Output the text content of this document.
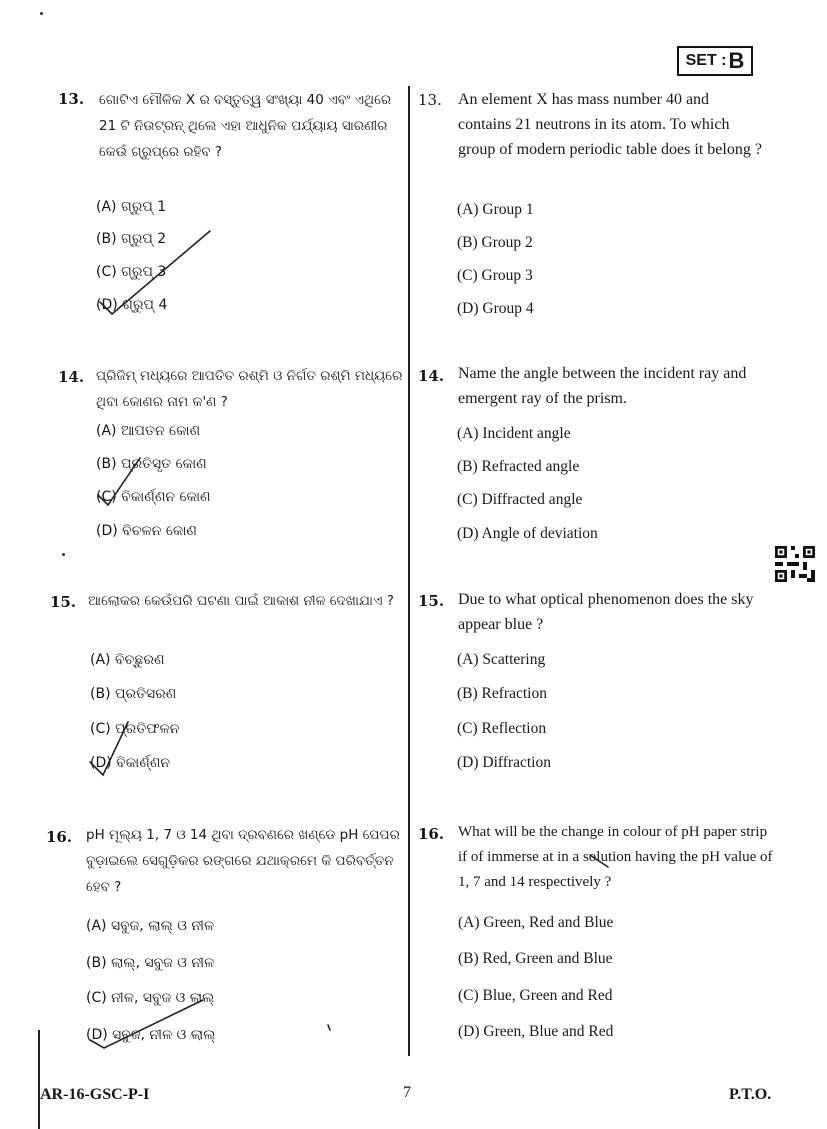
SET : B
13. ଗୋଟିଏ ମୌଳିକ X ର ବସ୍ତୁତ୍ୱ ସଂଖ୍ୟା 40 ଏବଂ ଏଥିରେ 21 ଟି ନିଉଟ୍ରନ୍ ଥିଲେ ଏହା ଆଧୁନିକ ପର୍ଯ୍ୟାୟ ସାରଣୀର କେଉଁ ଗ୍ରୁପ୍‌ରେ ରହିବ ?
(A) ଗ୍ରୁପ୍ 1
(B) ଗ୍ରୁପ୍ 2
(C) ଗ୍ରୁପ୍ 3
(D) ଗ୍ରୁପ୍ 4
13. An element X has mass number 40 and contains 21 neutrons in its atom. To which group of modern periodic table does it belong ?
(A) Group 1
(B) Group 2
(C) Group 3
(D) Group 4
14. ପ୍ରିଜିମ୍ ମଧ୍ୟରେ ଆପତିତ ରଶ୍ମି ଓ ନିର୍ଗତ ରଶ୍ମି ମଧ୍ୟରେ ଥିବା କୋଣର ନାମ କ'ଣ ?
(A) ଆପତନ କୋଣ
(B) ପ୍ରତିସୃତ କୋଣ
(C) ବିକାର୍ଣ୍ଣନ କୋଣ
(D) ବିଚଳନ କୋଣ
14. Name the angle between the incident ray and emergent ray of the prism.
(A) Incident angle
(B) Refracted angle
(C) Diffracted angle
(D) Angle of deviation
15. ଆଲୋକର କେଉଁପରି ଘଟଣା ପାଇଁ ଆକାଶ ନୀଳ ଦେଖାଯାଏ ?
(A) ବିଚ୍ଛୁରଣ
(B) ପ୍ରତିସରଣ
(C) ପ୍ରତିଫଳନ
(D) ବିକାର୍ଣ୍ଣନ
15. Due to what optical phenomenon does the sky appear blue ?
(A) Scattering
(B) Refraction
(C) Reflection
(D) Diffraction
16. pH ମୂଲ୍ୟ 1, 7 ଓ 14 ଥିବା ଦ୍ରବଣରେ ଖଣ୍ଡେ pH ପେପର ବୁଡ଼ାଇଲେ ସେଗୁଡ଼ିକର ରଙ୍ଗରେ ଯଥାକ୍ରମେ କି ପରିବର୍ତ୍ତନ ହେବ ?
(A) ସବୁଜ, ଲାଲ୍ ଓ ନୀଳ
(B) ଲାଲ୍, ସବୁଜ ଓ ନୀଳ
(C) ନୀଳ, ସବୁଜ ଓ ଲାଲ୍
(D) ସବୁଜ, ନୀଳ ଓ ଲାଲ୍
16. What will be the change in colour of pH paper strip if of immerse at in a solution having the pH value of 1, 7 and 14 respectively ?
(A) Green, Red and Blue
(B) Red, Green and Blue
(C) Blue, Green and Red
(D) Green, Blue and Red
AR-16-GSC-P-I	7	P.T.O.
